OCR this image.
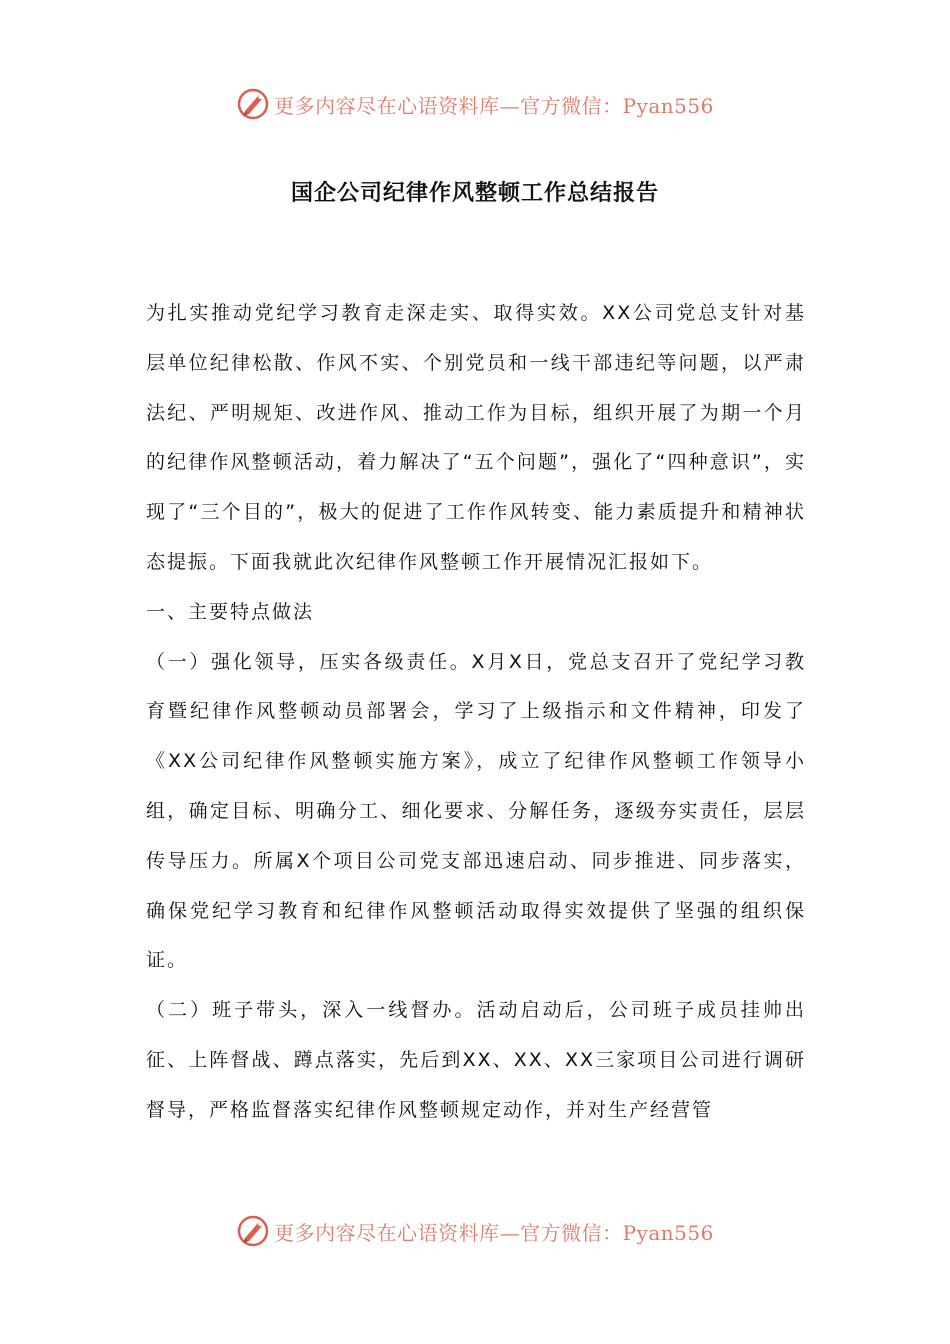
更多内容尽在心语资料库—官方微信：Pyan556
国企公司纪律作风整顿工作总结报告

为扎实推动党纪学习教育走深走实、取得实效。XX公司党总支针对基层单位纪律松散、作风不实、个别党员和一线干部违纪等问题，以严肃法纪、严明规矩、改进作风、推动工作为目标，组织开展了为期一个月的纪律作风整顿活动，着力解决了“五个问题”，强化了“四种意识”，实现了“三个目的”，极大的促进了工作作风转变、能力素质提升和精神状态提振。下面我就此次纪律作风整顿工作开展情况汇报如下。

一、主要特点做法

（一）强化领导，压实各级责任。X月X日，党总支召开了党纪学习教育暨纪律作风整顿动员部署会，学习了上级指示和文件精神，印发了《XX公司纪律作风整顿实施方案》，成立了纪律作风整顿工作领导小组，确定目标、明确分工、细化要求、分解任务，逐级夯实责任，层层传导压力。所属X个项目公司党支部迅速启动、同步推进、同步落实，确保党纪学习教育和纪律作风整顿活动取得实效提供了坚强的组织保证。

（二）班子带头，深入一线督办。活动启动后，公司班子成员挂帅出征、上阵督战、蹲点落实，先后到XX、XX、XX三家项目公司进行调研督导，严格监督落实纪律作风整顿规定动作，并对生产经营管

更多内容尽在心语资料库—官方微信：Pyan556
